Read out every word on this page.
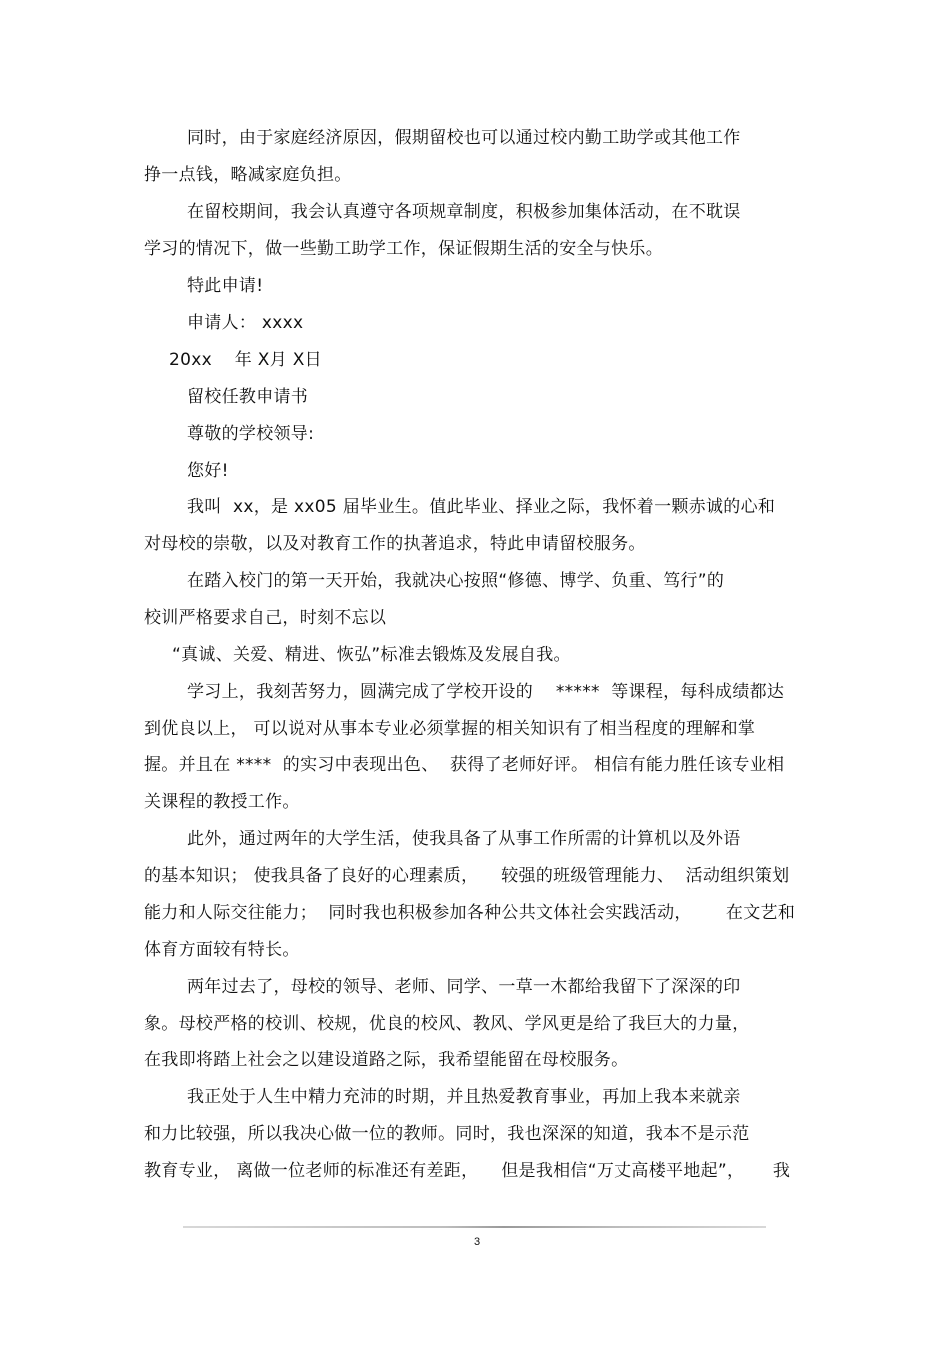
同时，由于家庭经济原因，假期留校也可以通过校内勤工助学或其他工作
挣一点钱，略减家庭负担。
在留校期间，我会认真遵守各项规章制度，积极参加集体活动，在不耽误
学习的情况下，做一些勤工助学工作，保证假期生活的安全与快乐。
特此申请!
申请人： xxxx
20xx    年 X月 X日
留校任教申请书
尊敬的学校领导:
您好!
我叫  xx，是 xx05 届毕业生。值此毕业、择业之际，我怀着一颗赤诚的心和
对母校的崇敬，以及对教育工作的执著追求，特此申请留校服务。
在踏入校门的第一天开始，我就决心按照“修德、博学、负重、笃行”的
校训严格要求自己，时刻不忘以
“真诚、关爱、精进、恢弘”标准去锻炼及发展自我。
学习上，我刻苦努力，圆满完成了学校开设的    *****  等课程，每科成绩都达
到优良以上， 可以说对从事本专业必须掌握的相关知识有了相当程度的理解和掌
握。并且在 ****  的实习中表现出色、  获得了老师好评。 相信有能力胜任该专业相
关课程的教授工作。
此外，通过两年的大学生活，使我具备了从事工作所需的计算机以及外语
的基本知识； 使我具备了良好的心理素质，    较强的班级管理能力、  活动组织策划
能力和人际交往能力；  同时我也积极参加各种公共文体社会实践活动，      在文艺和
体育方面较有特长。
两年过去了，母校的领导、老师、同学、一草一木都给我留下了深深的印
象。母校严格的校训、校规，优良的校风、教风、学风更是给了我巨大的力量，
在我即将踏上社会之以建设道路之际，我希望能留在母校服务。
我正处于人生中精力充沛的时期，并且热爱教育事业，再加上我本来就亲
和力比较强，所以我决心做一位的教师。同时，我也深深的知道，我本不是示范
教育专业， 离做一位老师的标准还有差距，    但是我相信“万丈高楼平地起”，     我
3
